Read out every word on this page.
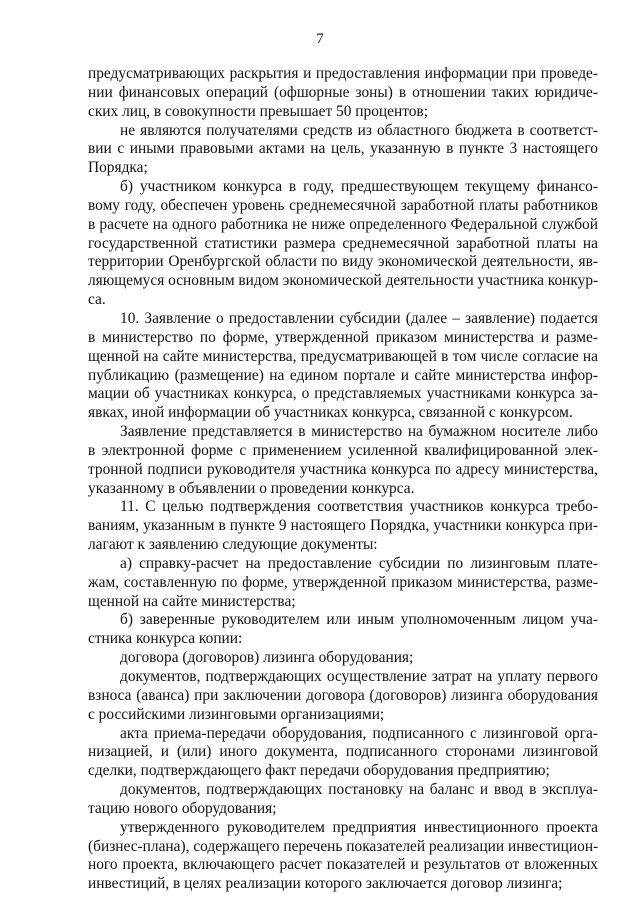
7

предусматривающих раскрытия и предоставления информации при проведе-
нии финансовых операций (офшорные зоны) в отношении таких юридиче-
ских лиц, в совокупности превышает 50 процентов;

не являются получателями средств из областного бюджета в соответст-
вии с иными правовыми актами на цель, указанную в пункте 3 настоящего
Порядка;

б) участником конкурса в году, предшествующем текущему финансо-
вому году, обеспечен уровень среднемесячной заработной платы работников
в расчете на одного работника не ниже определенного Федеральной службой
государственной статистики размера среднемесячной заработной платы на
территории Оренбургской области по виду экономической деятельности, яв-
ляющемуся основным видом экономической деятельности участника конкур-
са.

10. Заявление о предоставлении субсидии (далее – заявление) подается
в министерство по форме, утвержденной приказом министерства и разме-
щенной на сайте министерства, предусматривающей в том числе согласие на
публикацию (размещение) на едином портале и сайте министерства инфор-
мации об участниках конкурса, о представляемых участниками конкурса за-
явках, иной информации об участниках конкурса, связанной с конкурсом.

Заявление представляется в министерство на бумажном носителе либо
в электронной форме с применением усиленной квалифицированной элек-
тронной подписи руководителя участника конкурса по адресу министерства,
указанному в объявлении о проведении конкурса.

11. С целью подтверждения соответствия участников конкурса требо-
ваниям, указанным в пункте 9 настоящего Порядка, участники конкурса при-
лагают к заявлению следующие документы:

а) справку-расчет на предоставление субсидии по лизинговым плате-
жам, составленную по форме, утвержденной приказом министерства, разме-
щенной на сайте министерства;

б) заверенные руководителем или иным уполномоченным лицом уча-
стника конкурса копии:

договора (договоров) лизинга оборудования;

документов, подтверждающих осуществление затрат на уплату первого
взноса (аванса) при заключении договора (договоров) лизинга оборудования
с российскими лизинговыми организациями;

акта приема-передачи оборудования, подписанного с лизинговой орга-
низацией, и (или) иного документа, подписанного сторонами лизинговой
сделки, подтверждающего факт передачи оборудования предприятию;

документов, подтверждающих постановку на баланс и ввод в эксплуа-
тацию нового оборудования;

утвержденного руководителем предприятия инвестиционного проекта
(бизнес-плана), содержащего перечень показателей реализации инвестицион-
ного проекта, включающего расчет показателей и результатов от вложенных
инвестиций, в целях реализации которого заключается договор лизинга;
